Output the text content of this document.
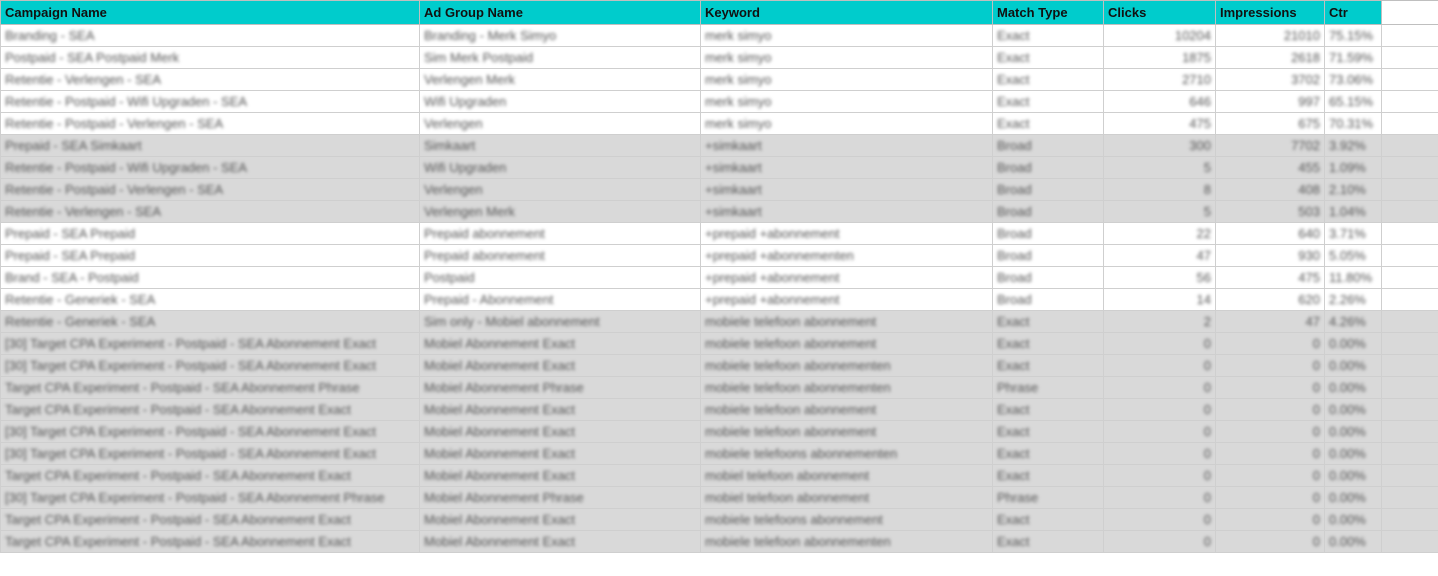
Campaign Name	Ad Group Name	Keyword	Match Type	Clicks	Impressions	Ctr	
Branding - SEA	Branding - Merk Simyo	merk simyo	Exact	10204	21010	75.15%	
Postpaid - SEA Postpaid Merk	Sim Merk Postpaid	merk simyo	Exact	1875	2618	71.59%	
Retentie - Verlengen - SEA	Verlengen Merk	merk simyo	Exact	2710	3702	73.06%	
Retentie - Postpaid - Wifi Upgraden - SEA	Wifi Upgraden	merk simyo	Exact	646	997	65.15%	
Retentie - Postpaid - Verlengen - SEA	Verlengen	merk simyo	Exact	475	675	70.31%	
Prepaid - SEA Simkaart	Simkaart	+simkaart	Broad	300	7702	3.92%	
Retentie - Postpaid - Wifi Upgraden - SEA	Wifi Upgraden	+simkaart	Broad	5	455	1.09%	
Retentie - Postpaid - Verlengen - SEA	Verlengen	+simkaart	Broad	8	408	2.10%	
Retentie - Verlengen - SEA	Verlengen Merk	+simkaart	Broad	5	503	1.04%	
Prepaid - SEA Prepaid	Prepaid abonnement	+prepaid +abonnement	Broad	22	640	3.71%	
Prepaid - SEA Prepaid	Prepaid abonnement	+prepaid +abonnementen	Broad	47	930	5.05%	
Brand - SEA - Postpaid	Postpaid	+prepaid +abonnement	Broad	56	475	11.80%	
Retentie - Generiek - SEA	Prepaid - Abonnement	+prepaid +abonnement	Broad	14	620	2.26%	
Retentie - Generiek - SEA	Sim only - Mobiel abonnement	mobiele telefoon abonnement	Exact	2	47	4.26%	
[30] Target CPA Experiment - Postpaid - SEA Abonnement Exact	Mobiel Abonnement Exact	mobiele telefoon abonnement	Exact	0	0	0.00%	
[30] Target CPA Experiment - Postpaid - SEA Abonnement Exact	Mobiel Abonnement Exact	mobiele telefoon abonnementen	Exact	0	0	0.00%	
Target CPA Experiment - Postpaid - SEA Abonnement Phrase	Mobiel Abonnement Phrase	mobiele telefoon abonnementen	Phrase	0	0	0.00%	
Target CPA Experiment - Postpaid - SEA Abonnement Exact	Mobiel Abonnement Exact	mobiele telefoon abonnement	Exact	0	0	0.00%	
[30] Target CPA Experiment - Postpaid - SEA Abonnement Exact	Mobiel Abonnement Exact	mobiele telefoon abonnement	Exact	0	0	0.00%	
[30] Target CPA Experiment - Postpaid - SEA Abonnement Exact	Mobiel Abonnement Exact	mobiele telefoons abonnementen	Exact	0	0	0.00%	
Target CPA Experiment - Postpaid - SEA Abonnement Exact	Mobiel Abonnement Exact	mobiel telefoon abonnement	Exact	0	0	0.00%	
[30] Target CPA Experiment - Postpaid - SEA Abonnement Phrase	Mobiel Abonnement Phrase	mobiel telefoon abonnement	Phrase	0	0	0.00%	
Target CPA Experiment - Postpaid - SEA Abonnement Exact	Mobiel Abonnement Exact	mobiele telefoons abonnement	Exact	0	0	0.00%	
Target CPA Experiment - Postpaid - SEA Abonnement Exact	Mobiel Abonnement Exact	mobiele telefoon abonnementen	Exact	0	0	0.00%	
